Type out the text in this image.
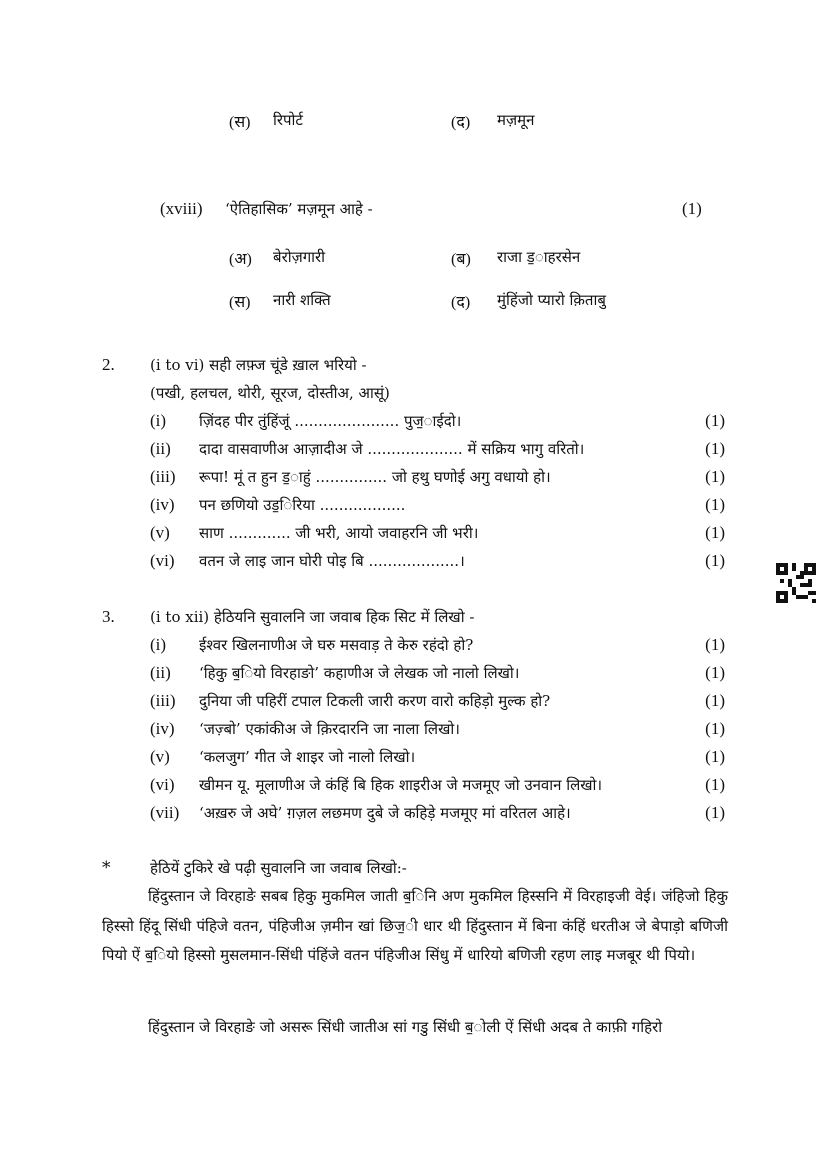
(स) रिपोर्ट	(द) मज़मून
(xviii) ‘ऐतिहासिक’ मज़मून आहे -	(1)
(अ) बेरोज़गारी	(ब) राजा ड॒ाहरसेन
(स) नारी शक्ति	(द) मुंहिंजो प्यारो क़िताबु
2. (i to vi) सही लफ़्ज चूंडे ख़ाल भरियो -
(पखी, हलचल, थोरी, सूरज, दोस्तीअ, आसूं)
(i) ज़िंदह पीर तुंहिंजूं ...................... पुज॒ाईदो।	(1)
(ii) दादा वासवाणीअ आज़ादीअ जे .................... में सक्रिय भागु वरितो।	(1)
(iii) रूपा! मूं त हुन ड॒ाहुं ............... जो हथु घणोई अगु वधायो हो।	(1)
(iv) पन छणियो उड॒िरिया ..................	(1)
(v) साण ............. जी भरी, आयो जवाहरनि जी भरी।	(1)
(vi) वतन जे लाइ जान घोरी पोइ बि ...................।	(1)
3. (i to xii) हेठियनि सुवालनि जा जवाब हिक सिट में लिखो -
(i) ईश्वर खिलनाणीअ जे घरु मसवाड़ ते केरु रहंदो हो?	(1)
(ii) ‘हिकु ब॒ियो विरहाङो’ कहाणीअ जे लेखक जो नालो लिखो।	(1)
(iii) दुनिया जी पहिरीं टपाल टिकली जारी करण वारो कहिड़ो मुल्क हो?	(1)
(iv) ‘जज़्बो’ एकांकीअ जे क़िरदारनि जा नाला लिखो।	(1)
(v) ‘कलजुग’ गीत जे शाइर जो नालो लिखो।	(1)
(vi) खीमन यू. मूलाणीअ जे कंहिं बि हिक शाइरीअ जे मजमूए जो उनवान लिखो।	(1)
(vii) ‘अख़रु जे अघे’ ग़ज़ल लछमण दुबे जे कहिड़े मजमूए मां वरितल आहे।	(1)
*	हेठियें टुकिरे खे पढ़ी सुवालनि जा जवाब लिखो:-
हिंदुस्तान जे विरहाङे सबब हिकु मुकमिल जाती ब॒िनि अण मुकमिल हिस्सनि में विरहाइजी वेई। जंहिजो हिकु हिस्सो हिंदू सिंधी पंहिजे वतन, पंहिजीअ ज़मीन खां छिज॒ी धार थी हिंदुस्तान में बिना कंहिं धरतीअ जे बेपाड़ो बणिजी पियो ऐं ब॒ियो हिस्सो मुसलमान-सिंधी पंहिंजे वतन पंहिजीअ सिंधु में धारियो बणिजी रहण लाइ मजबूर थी पियो।
हिंदुस्तान जे विरहाङे जो असरू सिंधी जातीअ सां गडु सिंधी ब॒ोली ऐं सिंधी अदब ते काफ़ी गहिरो
